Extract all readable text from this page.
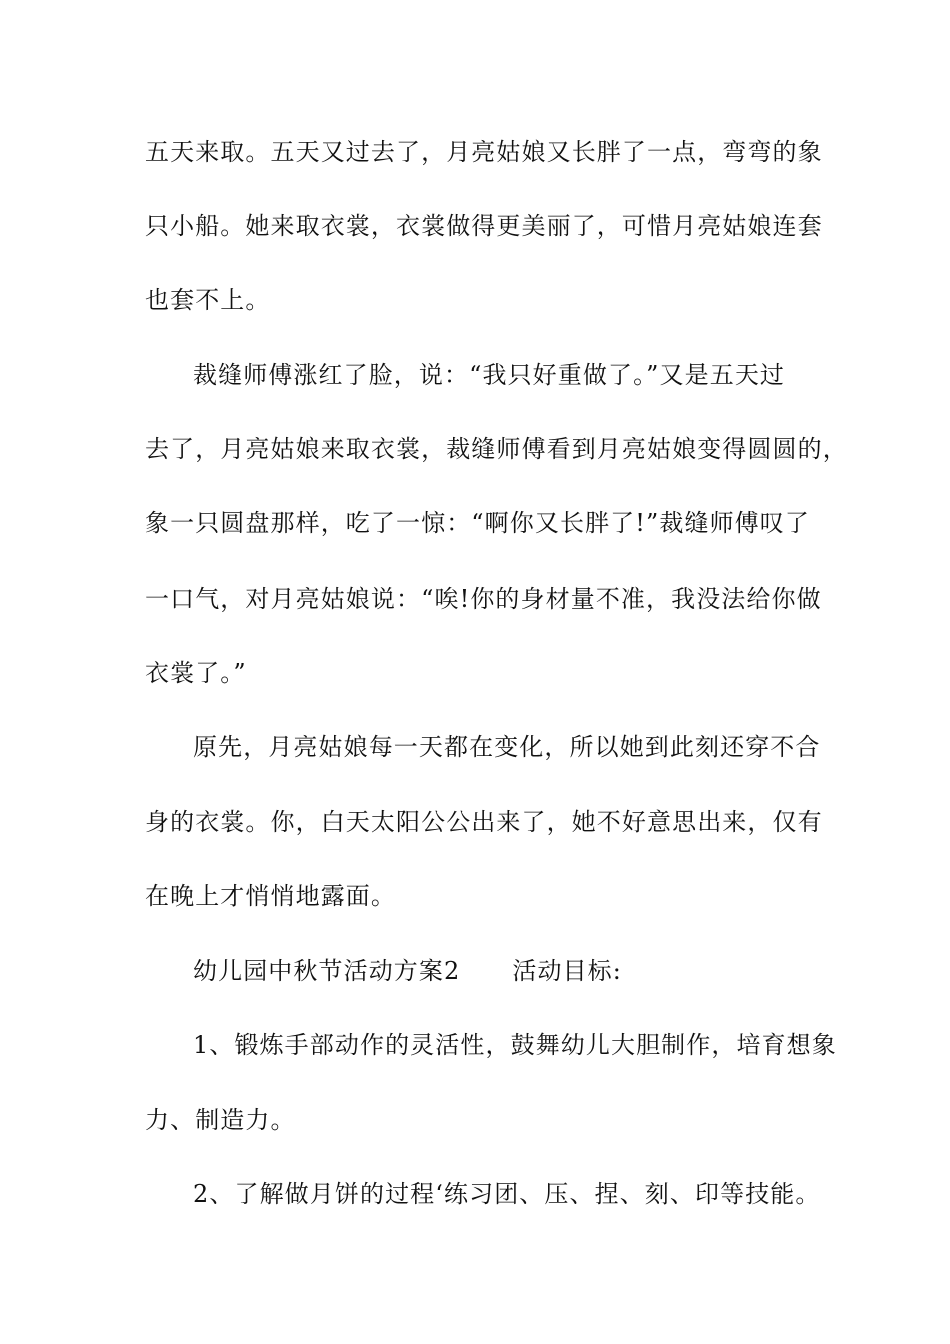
五天来取。五天又过去了，月亮姑娘又长胖了一点，弯弯的象
只小船。她来取衣裳，衣裳做得更美丽了，可惜月亮姑娘连套
也套不上。
裁缝师傅涨红了脸，说：“我只好重做了。”又是五天过
去了，月亮姑娘来取衣裳，裁缝师傅看到月亮姑娘变得圆圆的，
象一只圆盘那样，吃了一惊：“啊你又长胖了!”裁缝师傅叹了
一口气，对月亮姑娘说：“唉!你的身材量不准，我没法给你做
衣裳了。”
原先，月亮姑娘每一天都在变化，所以她到此刻还穿不合
身的衣裳。你，白天太阳公公出来了，她不好意思出来，仅有
在晚上才悄悄地露面。
幼儿园中秋节活动方案2 活动目标:
1、锻炼手部动作的灵活性，鼓舞幼儿大胆制作，培育想象
力、制造力。
2、了解做月饼的过程‘练习团、压、捏、刻、印等技能。
